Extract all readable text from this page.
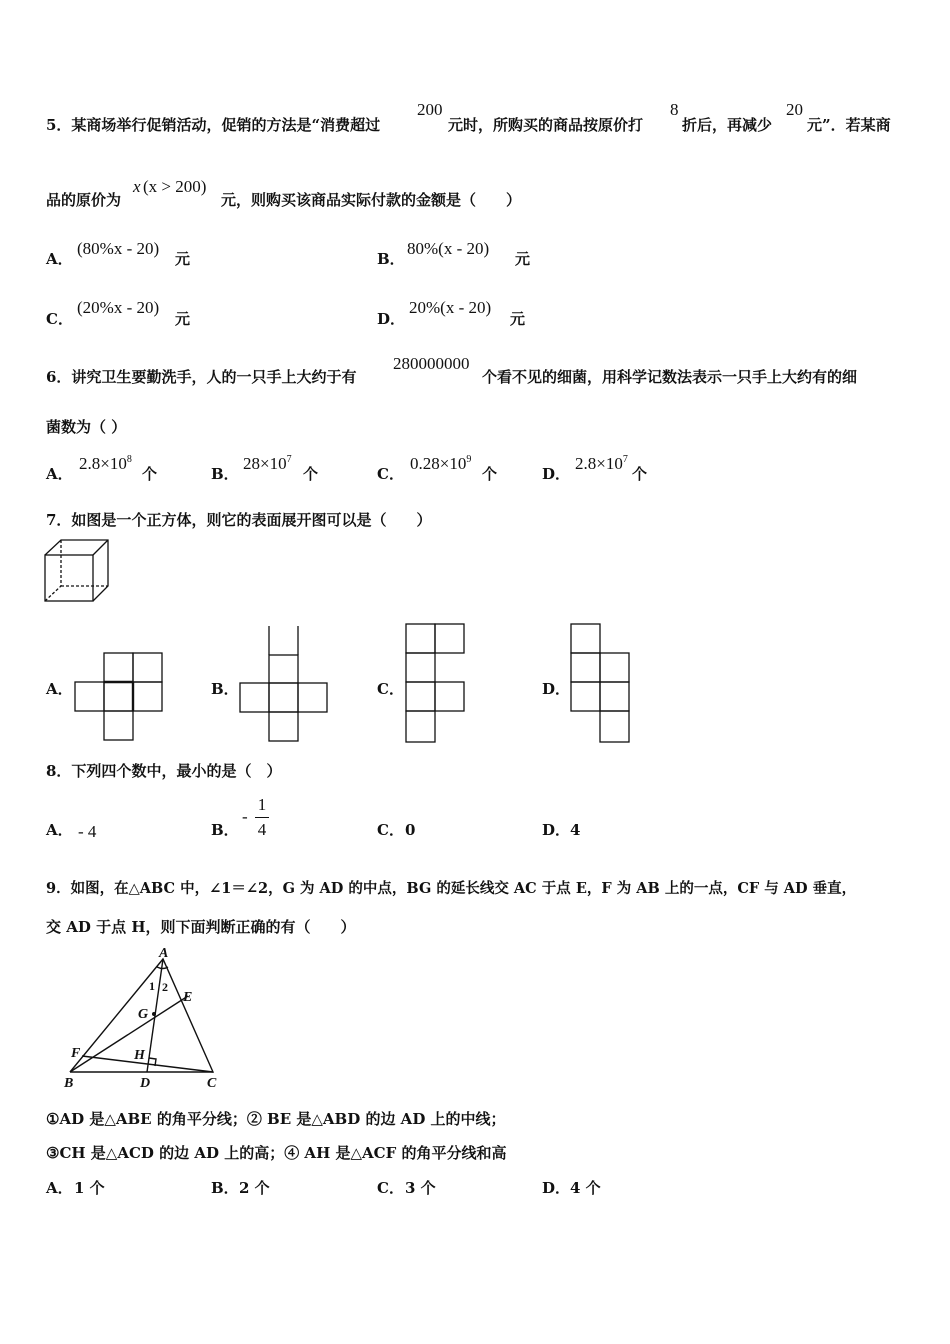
5．某商场举行促销活动，促销的方法是“消费超过
200
元时，所购买的商品按原价打
8
折后，再减少
20
元”．若某商
品的原价为
x (x > 200)
元，则购买该商品实际付款的金额是（　　）
A．
(80%x - 20)
元	B．
80%(x - 20)
元
C．
(20%x - 20)
元	D．
20%(x - 20)
元
6．讲究卫生要勤洗手，人的一只手上大约于有
280000000
个看不见的细菌，用科学记数法表示一只手上大约有的细
菌数为（ ）
A．
$2.8\times 10^8$
个	B．
$28\times 10^7$
个	C．
$0.28\times 10^9$
个	D．
$2.8\times 10^7$
个
7．如图是一个正方体，则它的表面展开图可以是（　　）
A．	B．	C．	D．
8．下列四个数中，最小的是（　）
A． - 4	B．
-
1
4	C． 0	D． 4
9．如图，在△ABC 中，∠1＝∠2，G 为 AD 的中点，BG 的延长线交 AC 于点 E，F 为 AB 上的一点，CF 与 AD 垂直，
交 AD 于点 H，则下面判断正确的有（　　）
A
B	C
D
E
F
G
H
1 2
①AD 是△ABE 的角平分线；② BE 是△ABD 的边 AD 上的中线；
③CH 是△ACD 的边 AD 上的高；④ AH 是△ACF 的角平分线和高
A． 1 个	B． 2 个	C． 3 个	D． 4 个
